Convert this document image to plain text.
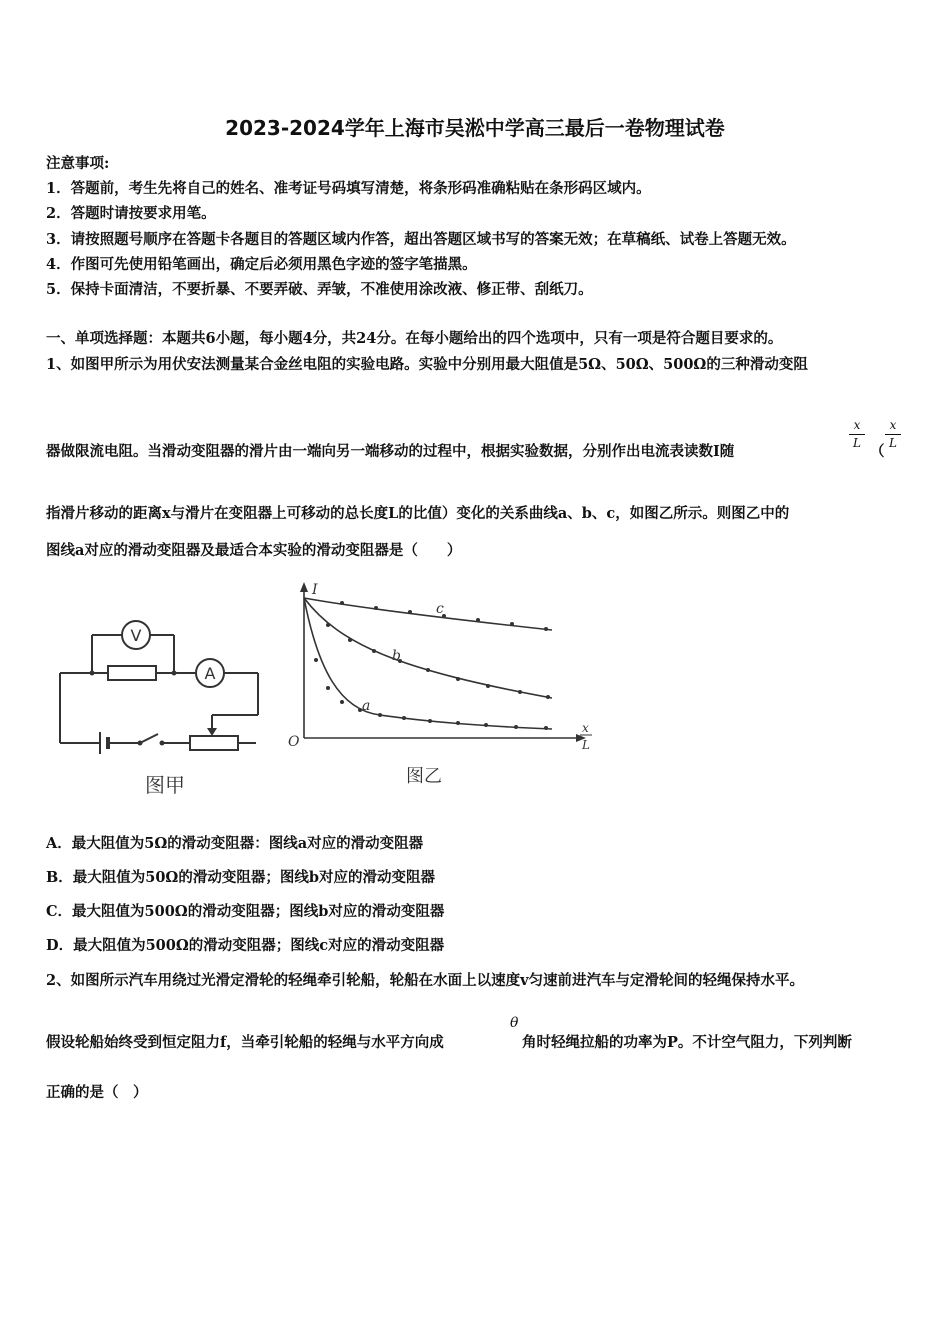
2023-2024学年上海市吴淞中学高三最后一卷物理试卷
注意事项:
1．答题前，考生先将自己的姓名、准考证号码填写清楚，将条形码准确粘贴在条形码区域内。
2．答题时请按要求用笔。
3．请按照题号顺序在答题卡各题目的答题区域内作答，超出答题区域书写的答案无效；在草稿纸、试卷上答题无效。
4．作图可先使用铅笔画出，确定后必须用黑色字迹的签字笔描黑。
5．保持卡面清洁，不要折暴、不要弄破、弄皱，不准使用涂改液、修正带、刮纸刀。
一、单项选择题：本题共6小题，每小题4分，共24分。在每小题给出的四个选项中，只有一项是符合题目要求的。
1、如图甲所示为用伏安法测量某合金丝电阻的实验电路。实验中分别用最大阻值是5Ω、50Ω、500Ω的三种滑动变阻
器做限流电阻。当滑动变阻器的滑片由一端向另一端移动的过程中，根据实验数据，分别作出电流表读数I随
x
L （
x
L
指滑片移动的距离x与滑片在变阻器上可移动的总长度L的比值）变化的关系曲线a、b、c，如图乙所示。则图乙中的
图线a对应的滑动变阻器及最适合本实验的滑动变阻器是（　　）
V
A
图甲
I
O
x
L
a
b
c
图乙
A．最大阻值为5Ω的滑动变阻器：图线a对应的滑动变阻器
B．最大阻值为50Ω的滑动变阻器；图线b对应的滑动变阻器
C．最大阻值为500Ω的滑动变阻器；图线b对应的滑动变阻器
D．最大阻值为500Ω的滑动变阻器；图线c对应的滑动变阻器
2、如图所示汽车用绕过光滑定滑轮的轻绳牵引轮船，轮船在水面上以速度v匀速前进汽车与定滑轮间的轻绳保持水平。
假设轮船始终受到恒定阻力f，当牵引轮船的轻绳与水平方向成
θ
角时轻绳拉船的功率为P。不计空气阻力，下列判断
正确的是（　）
